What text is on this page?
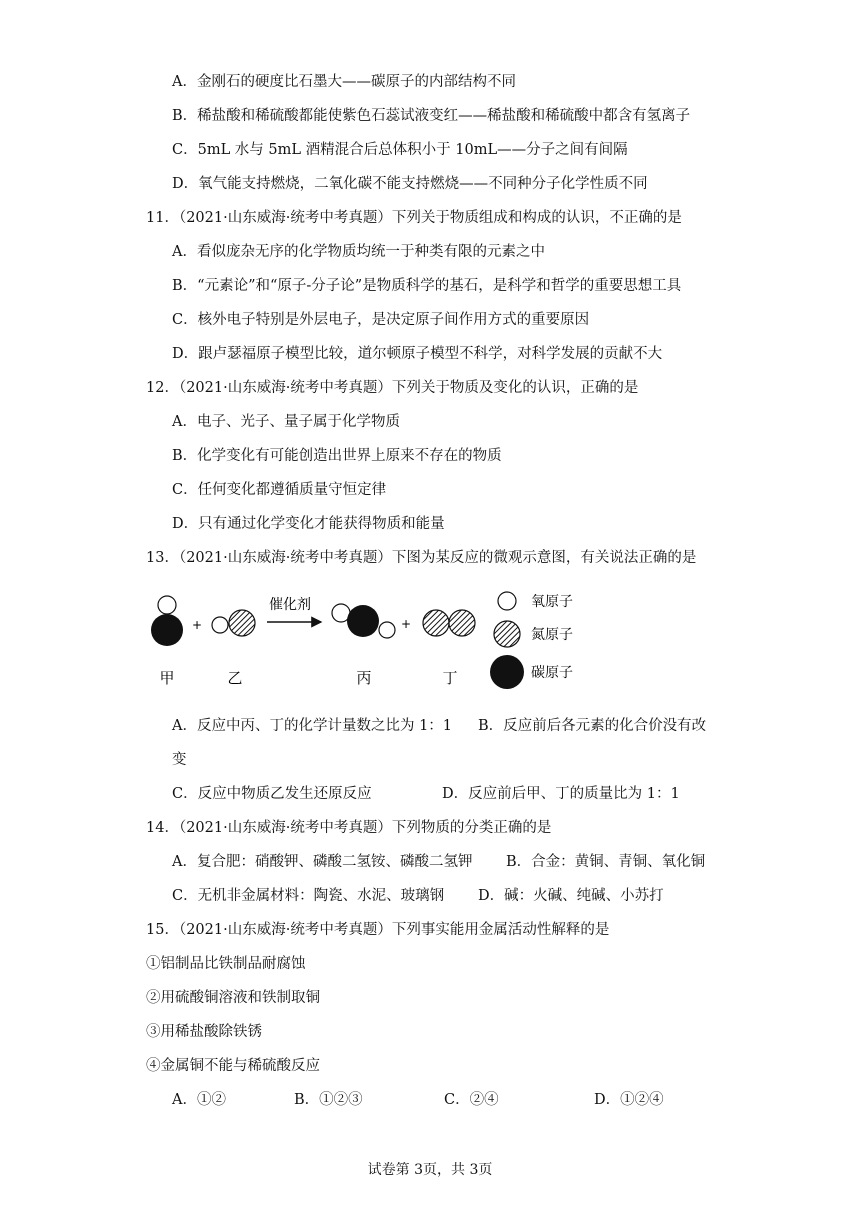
A．金刚石的硬度比石墨大——碳原子的内部结构不同
B．稀盐酸和稀硫酸都能使紫色石蕊试液变红——稀盐酸和稀硫酸中都含有氢离子
C．5mL 水与 5mL 酒精混合后总体积小于 10mL——分子之间有间隔
D．氧气能支持燃烧，二氧化碳不能支持燃烧——不同种分子化学性质不同
11．（2021·山东威海·统考中考真题）下列关于物质组成和构成的认识，不正确的是
A．看似庞杂无序的化学物质均统一于种类有限的元素之中
B．“元素论”和“原子-分子论”是物质科学的基石，是科学和哲学的重要思想工具
C．核外电子特别是外层电子，是决定原子间作用方式的重要原因
D．跟卢瑟福原子模型比较，道尔顿原子模型不科学，对科学发展的贡献不大
12．（2021·山东威海·统考中考真题）下列关于物质及变化的认识，正确的是
A．电子、光子、量子属于化学物质
B．化学变化有可能创造出世界上原来不存在的物质
C．任何变化都遵循质量守恒定律
D．只有通过化学变化才能获得物质和能量
13．（2021·山东威海·统考中考真题）下图为某反应的微观示意图，有关说法正确的是
+
催化剂
+
甲	乙	丙	丁
氧原子
氮原子
碳原子
A．反应中丙、丁的化学计量数之比为 1：1 B．反应前后各元素的化合价没有改
变
C．反应中物质乙发生还原反应	D．反应前后甲、丁的质量比为 1：1
14．（2021·山东威海·统考中考真题）下列物质的分类正确的是
A．复合肥：硝酸钾、磷酸二氢铵、磷酸二氢钾 B．合金：黄铜、青铜、氧化铜
C．无机非金属材料：陶瓷、水泥、玻璃钢 D．碱：火碱、纯碱、小苏打
15．（2021·山东威海·统考中考真题）下列事实能用金属活动性解释的是
①铝制品比铁制品耐腐蚀
②用硫酸铜溶液和铁制取铜
③用稀盐酸除铁锈
④金属铜不能与稀硫酸反应
A．①②	B．①②③	C．②④	D．①②④
试卷第 3页，共 3页
